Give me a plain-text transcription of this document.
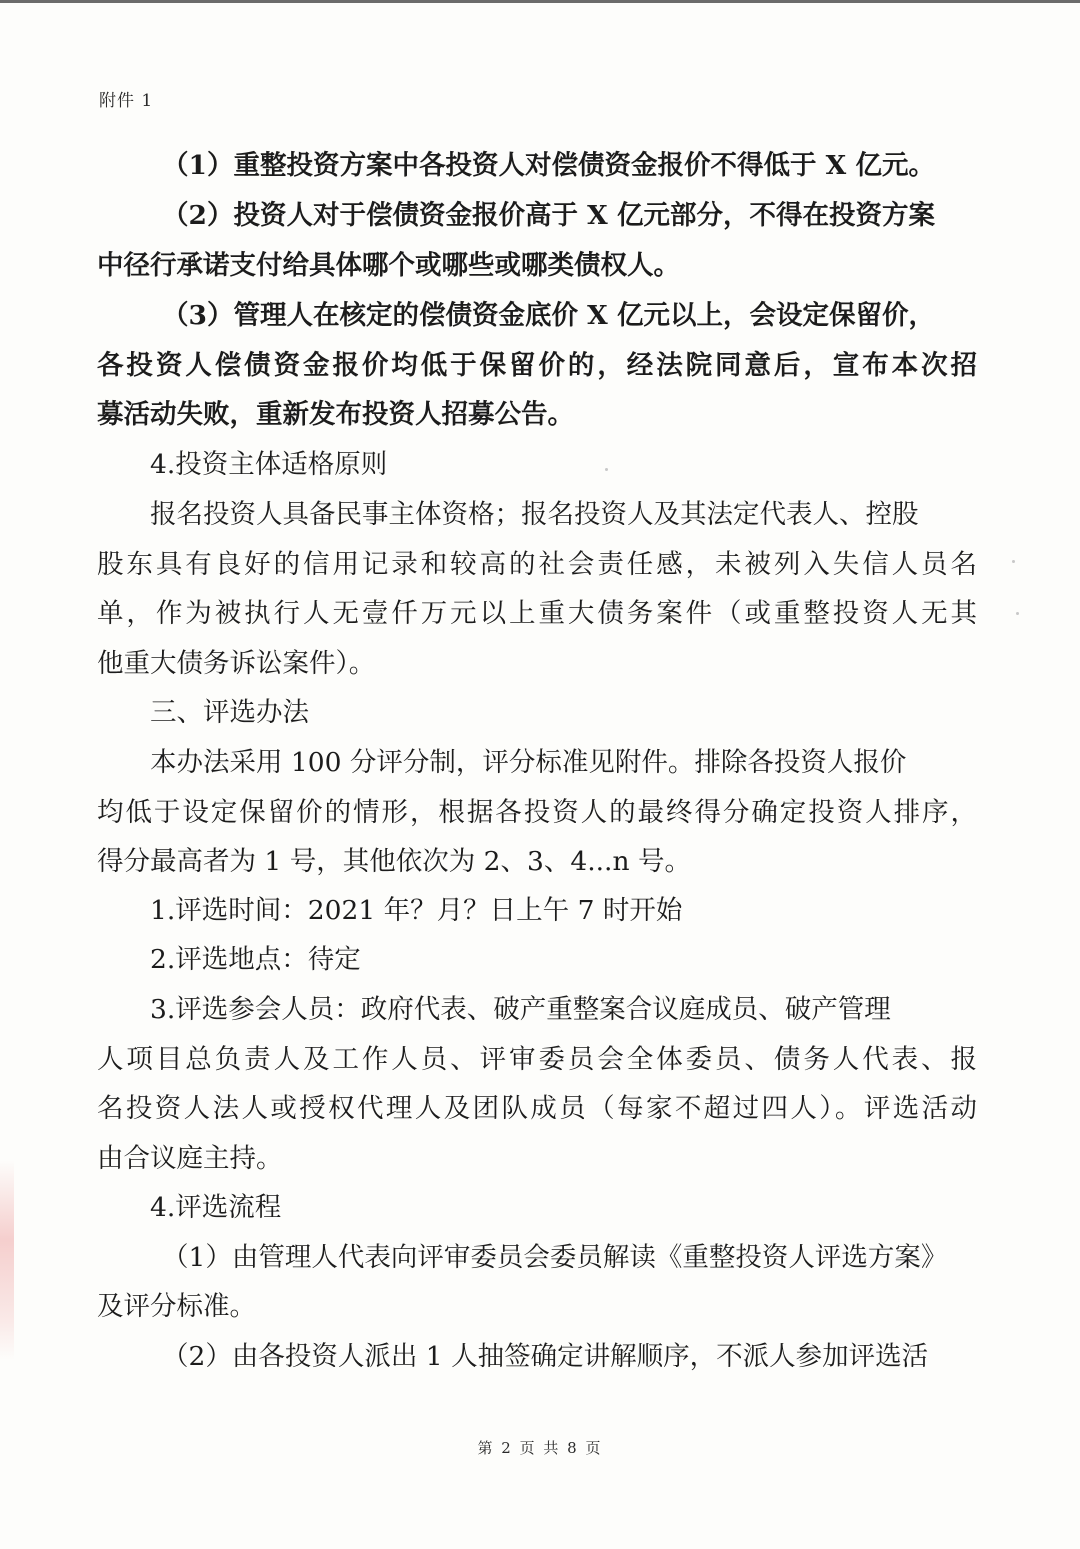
附件 1
（1）重整投资方案中各投资人对偿债资金报价不得低于 X 亿元。
（2）投资人对于偿债资金报价高于 X 亿元部分，不得在投资方案
中径行承诺支付给具体哪个或哪些或哪类债权人。
（3）管理人在核定的偿债资金底价 X 亿元以上，会设定保留价，
各投资人偿债资金报价均低于保留价的，经法院同意后，宣布本次招
募活动失败，重新发布投资人招募公告。
4.投资主体适格原则
报名投资人具备民事主体资格；报名投资人及其法定代表人、控股
股东具有良好的信用记录和较高的社会责任感，未被列入失信人员名
单，作为被执行人无壹仟万元以上重大债务案件（或重整投资人无其
他重大债务诉讼案件）。
三、评选办法
本办法采用 100 分评分制，评分标准见附件。排除各投资人报价
均低于设定保留价的情形，根据各投资人的最终得分确定投资人排序，
得分最高者为 1 号，其他依次为 2、3、4...n 号。
1.评选时间：2021 年？月？日上午 7 时开始
2.评选地点：待定
3.评选参会人员：政府代表、破产重整案合议庭成员、破产管理
人项目总负责人及工作人员、评审委员会全体委员、债务人代表、报
名投资人法人或授权代理人及团队成员（每家不超过四人）。评选活动
由合议庭主持。
4.评选流程
（1）由管理人代表向评审委员会委员解读《重整投资人评选方案》
及评分标准。
（2）由各投资人派出 1 人抽签确定讲解顺序，不派人参加评选活
第 2 页 共 8 页
